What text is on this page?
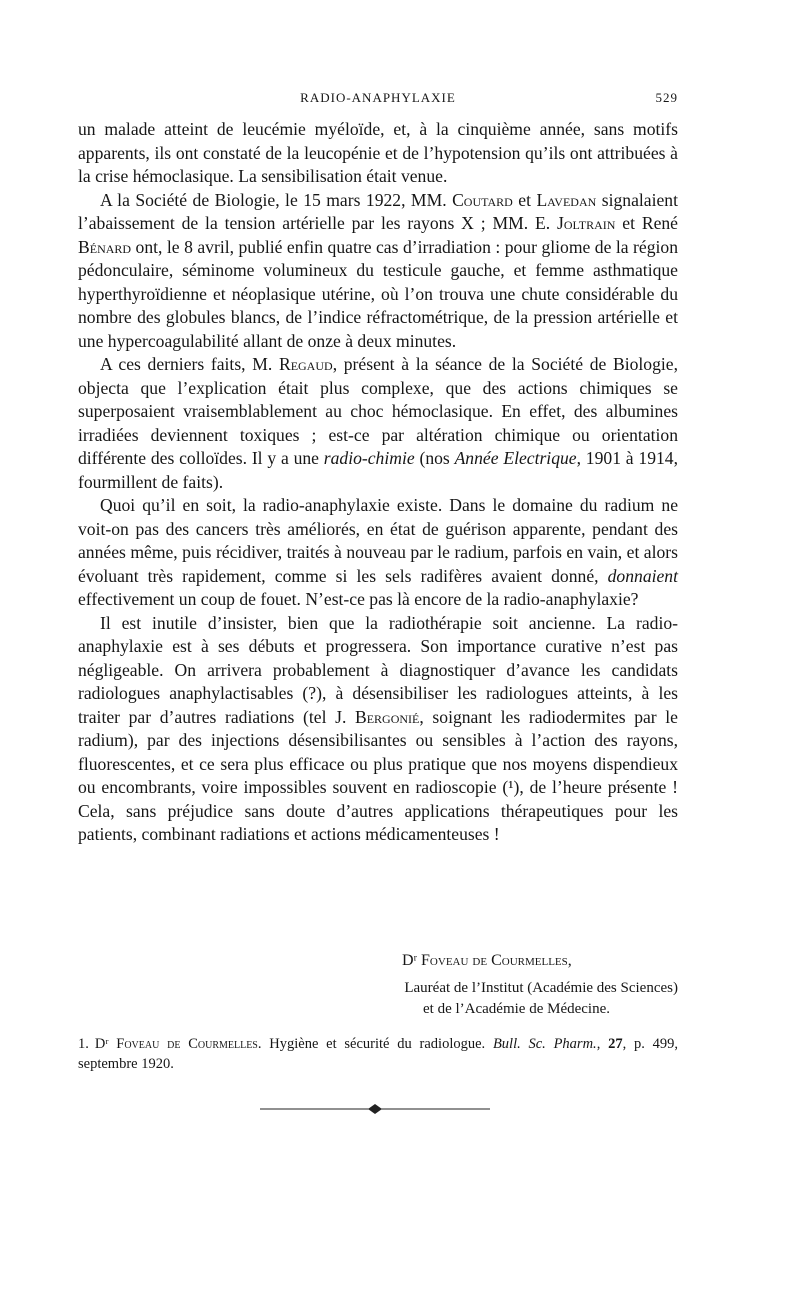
RADIO-ANAPHYLAXIE	529

un malade atteint de leucémie myéloïde, et, à la cinquième année, sans motifs apparents, ils ont constaté de la leucopénie et de l’hypotension qu’ils ont attribuées à la crise hémoclasique. La sensibilisation était venue.

A la Société de Biologie, le 15 mars 1922, MM. Coutard et Lavedan signalaient l’abaissement de la tension artérielle par les rayons X ; MM. E. Joltrain et René Bénard ont, le 8 avril, publié enfin quatre cas d’irradiation : pour gliome de la région pédonculaire, séminome volumineux du testicule gauche, et femme asthmatique hyperthyroïdienne et néoplasique utérine, où l’on trouva une chute considérable du nombre des globules blancs, de l’indice réfractométrique, de la pression artérielle et une hypercoagulabilité allant de onze à deux minutes.

A ces derniers faits, M. Regaud, présent à la séance de la Société de Biologie, objecta que l’explication était plus complexe, que des actions chimiques se superposaient vraisemblablement au choc hémoclasique. En effet, des albumines irradiées deviennent toxiques ; est-ce par altération chimique ou orientation différente des colloïdes. Il y a une radio-chimie (nos Année Electrique, 1901 à 1914, fourmillent de faits).

Quoi qu’il en soit, la radio-anaphylaxie existe. Dans le domaine du radium ne voit-on pas des cancers très améliorés, en état de guérison apparente, pendant des années même, puis récidiver, traités à nouveau par le radium, parfois en vain, et alors évoluant très rapidement, comme si les sels radifères avaient donné, donnaient effectivement un coup de fouet. N’est-ce pas là encore de la radio-anaphylaxie?

Il est inutile d’insister, bien que la radiothérapie soit ancienne. La radio-anaphylaxie est à ses débuts et progressera. Son importance curative n’est pas négligeable. On arrivera probablement à diagnostiquer d’avance les candidats radiologues anaphylactisables (?), à désensibiliser les radiologues atteints, à les traiter par d’autres radiations (tel J. Bergonié, soignant les radiodermites par le radium), par des injections désensibilisantes ou sensibles à l’action des rayons, fluorescentes, et ce sera plus efficace ou plus pratique que nos moyens dispendieux ou encombrants, voire impossibles souvent en radioscopie (¹), de l’heure présente ! Cela, sans préjudice sans doute d’autres applications thérapeutiques pour les patients, combinant radiations et actions médicamenteuses !

Dʳ Foveau de Courmelles,
Lauréat de l’Institut (Académie des Sciences)
et de l’Académie de Médecine.
1. Dʳ Foveau de Courmelles. Hygiène et sécurité du radiologue. Bull. Sc. Pharm., 27, p. 499, septembre 1920.
